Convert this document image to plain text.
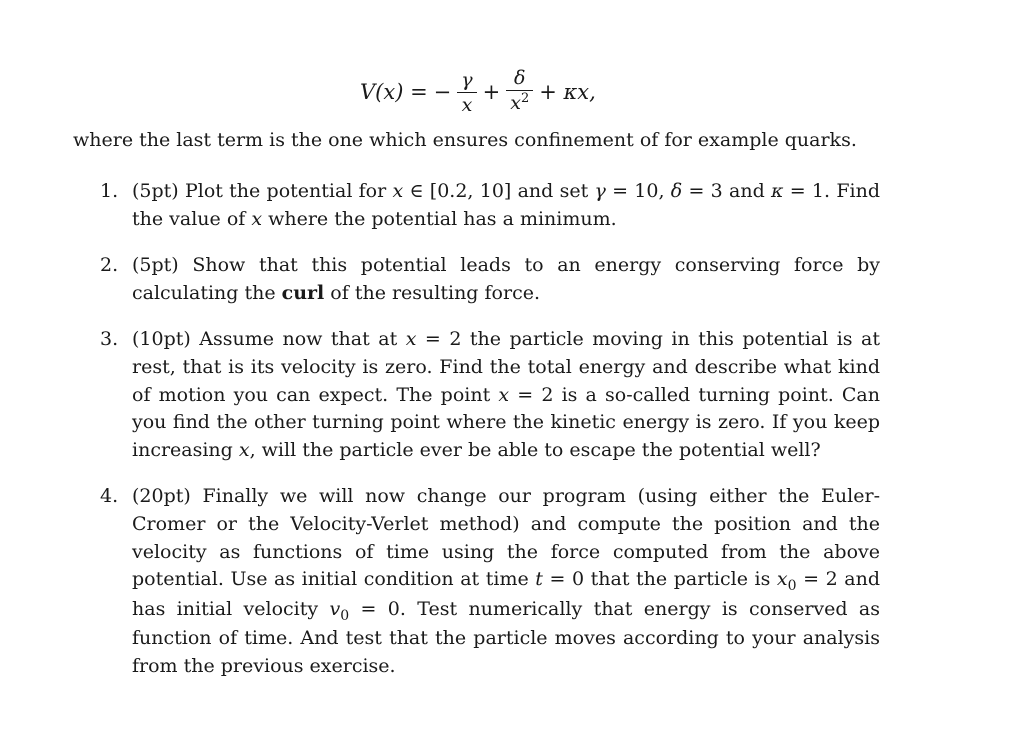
V(x) = − $\frac{\gamma}{x} + \frac{\delta}{x^2} + \kappa x$,
where the last term is the one which ensures confinement of for example quarks.
1. (5pt) Plot the potential for x ∈ [0.2, 10] and set γ = 10, δ = 3 and κ = 1. Find the value of x where the potential has a minimum.
2. (5pt) Show that this potential leads to an energy conserving force by calculating the curl of the resulting force.
3. (10pt) Assume now that at x = 2 the particle moving in this potential is at rest, that is its velocity is zero. Find the total energy and describe what kind of motion you can expect. The point x = 2 is a so-called turning point. Can you find the other turning point where the kinetic energy is zero. If you keep increasing x, will the particle ever be able to escape the potential well?
4. (20pt) Finally we will now change our program (using either the Euler-Cromer or the Velocity-Verlet method) and compute the position and the velocity as functions of time using the force computed from the above potential. Use as initial condition at time t = 0 that the particle is $x_0 = 2$ and has initial velocity $v_0 = 0$. Test numerically that energy is conserved as function of time. And test that the particle moves according to your analysis from the previous exercise.
